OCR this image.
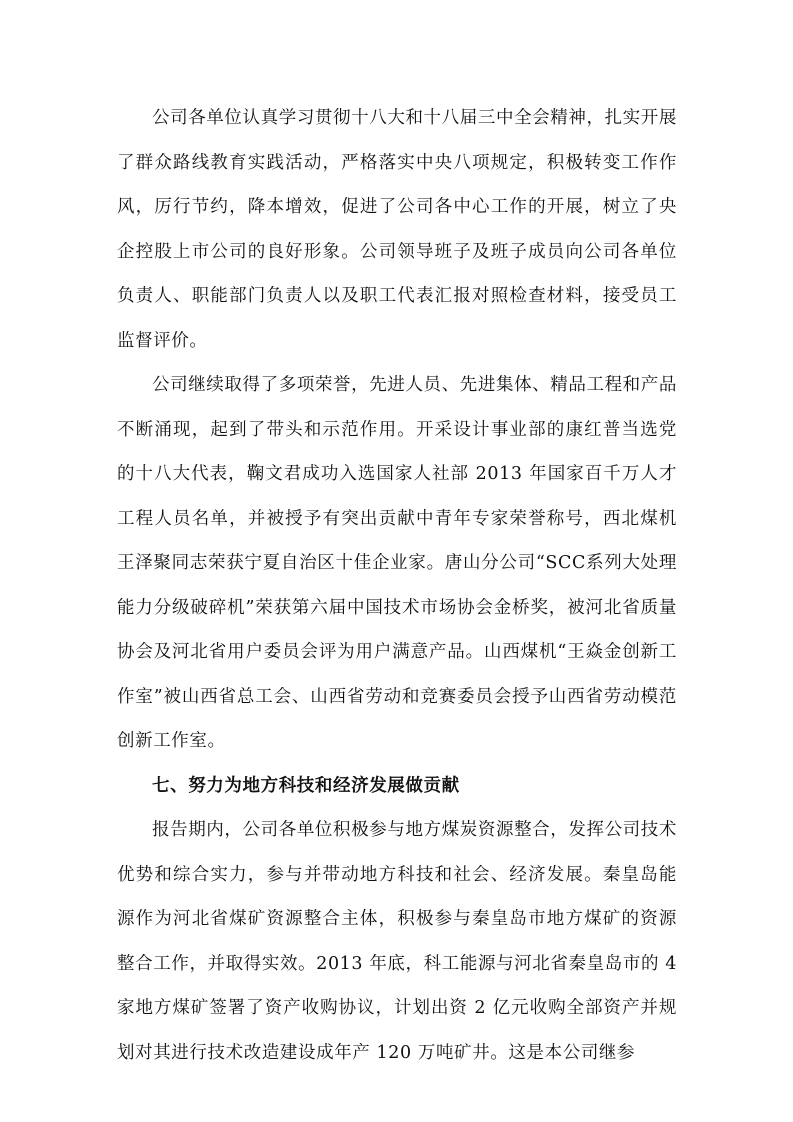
公司各单位认真学习贯彻十八大和十八届三中全会精神，扎实开展了群众路线教育实践活动，严格落实中央八项规定，积极转变工作作风，厉行节约，降本增效，促进了公司各中心工作的开展，树立了央企控股上市公司的良好形象。公司领导班子及班子成员向公司各单位负责人、职能部门负责人以及职工代表汇报对照检查材料，接受员工监督评价。

公司继续取得了多项荣誉，先进人员、先进集体、精品工程和产品不断涌现，起到了带头和示范作用。开采设计事业部的康红普当选党的十八大代表，鞠文君成功入选国家人社部 2013 年国家百千万人才工程人员名单，并被授予有突出贡献中青年专家荣誉称号，西北煤机王泽聚同志荣获宁夏自治区十佳企业家。唐山分公司“SCC系列大处理能力分级破碎机”荣获第六届中国技术市场协会金桥奖，被河北省质量协会及河北省用户委员会评为用户满意产品。山西煤机“王焱金创新工作室”被山西省总工会、山西省劳动和竞赛委员会授予山西省劳动模范创新工作室。

七、努力为地方科技和经济发展做贡献

报告期内，公司各单位积极参与地方煤炭资源整合，发挥公司技术优势和综合实力，参与并带动地方科技和社会、经济发展。秦皇岛能源作为河北省煤矿资源整合主体，积极参与秦皇岛市地方煤矿的资源整合工作，并取得实效。2013 年底，科工能源与河北省秦皇岛市的 4 家地方煤矿签署了资产收购协议，计划出资 2 亿元收购全部资产并规划对其进行技术改造建设成年产 120 万吨矿井。这是本公司继参
